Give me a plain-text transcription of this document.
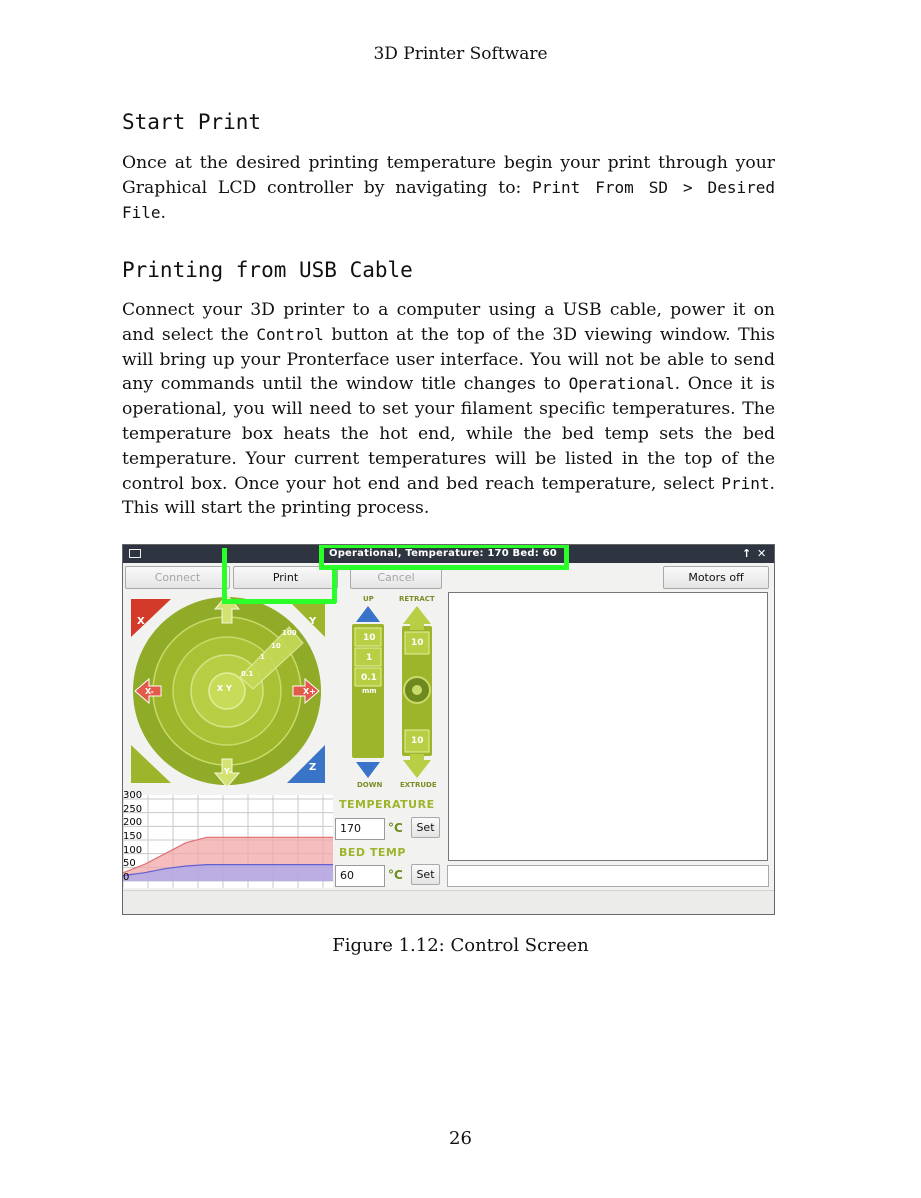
3D Printer Software
Start Print
Once at the desired printing temperature begin your print through your Graphical LCD controller by navigating to: Print From SD > Desired File.
Printing from USB Cable
Connect your 3D printer to a computer using a USB cable, power it on and select the Control button at the top of the 3D viewing window. This will bring up your Pronterface user interface. You will not be able to send any commands until the window title changes to Operational. Once it is operational, you will need to set your filament specific temperatures. The temperature box heats the hot end, while the bed temp sets the bed temperature. Your current temperatures will be listed in the top of the control box. Once your hot end and bed reach temperature, select Print. This will start the printing process.
Operational, Temperature: 170 Bed: 60	↑ ✕
Connect	Print	Cancel	Motors off
Y+
Y-
X-	X+
X	Y
Z
X Y
0.1
1
10
100
UP
10
1
0.1
mm
DOWN
RETRACT
10
10
EXTRUDE
TEMPERATURE
170	°C	Set
BED TEMP
60	°C	Set
300
250
200
150
100
50
0
Figure 1.12: Control Screen
26
